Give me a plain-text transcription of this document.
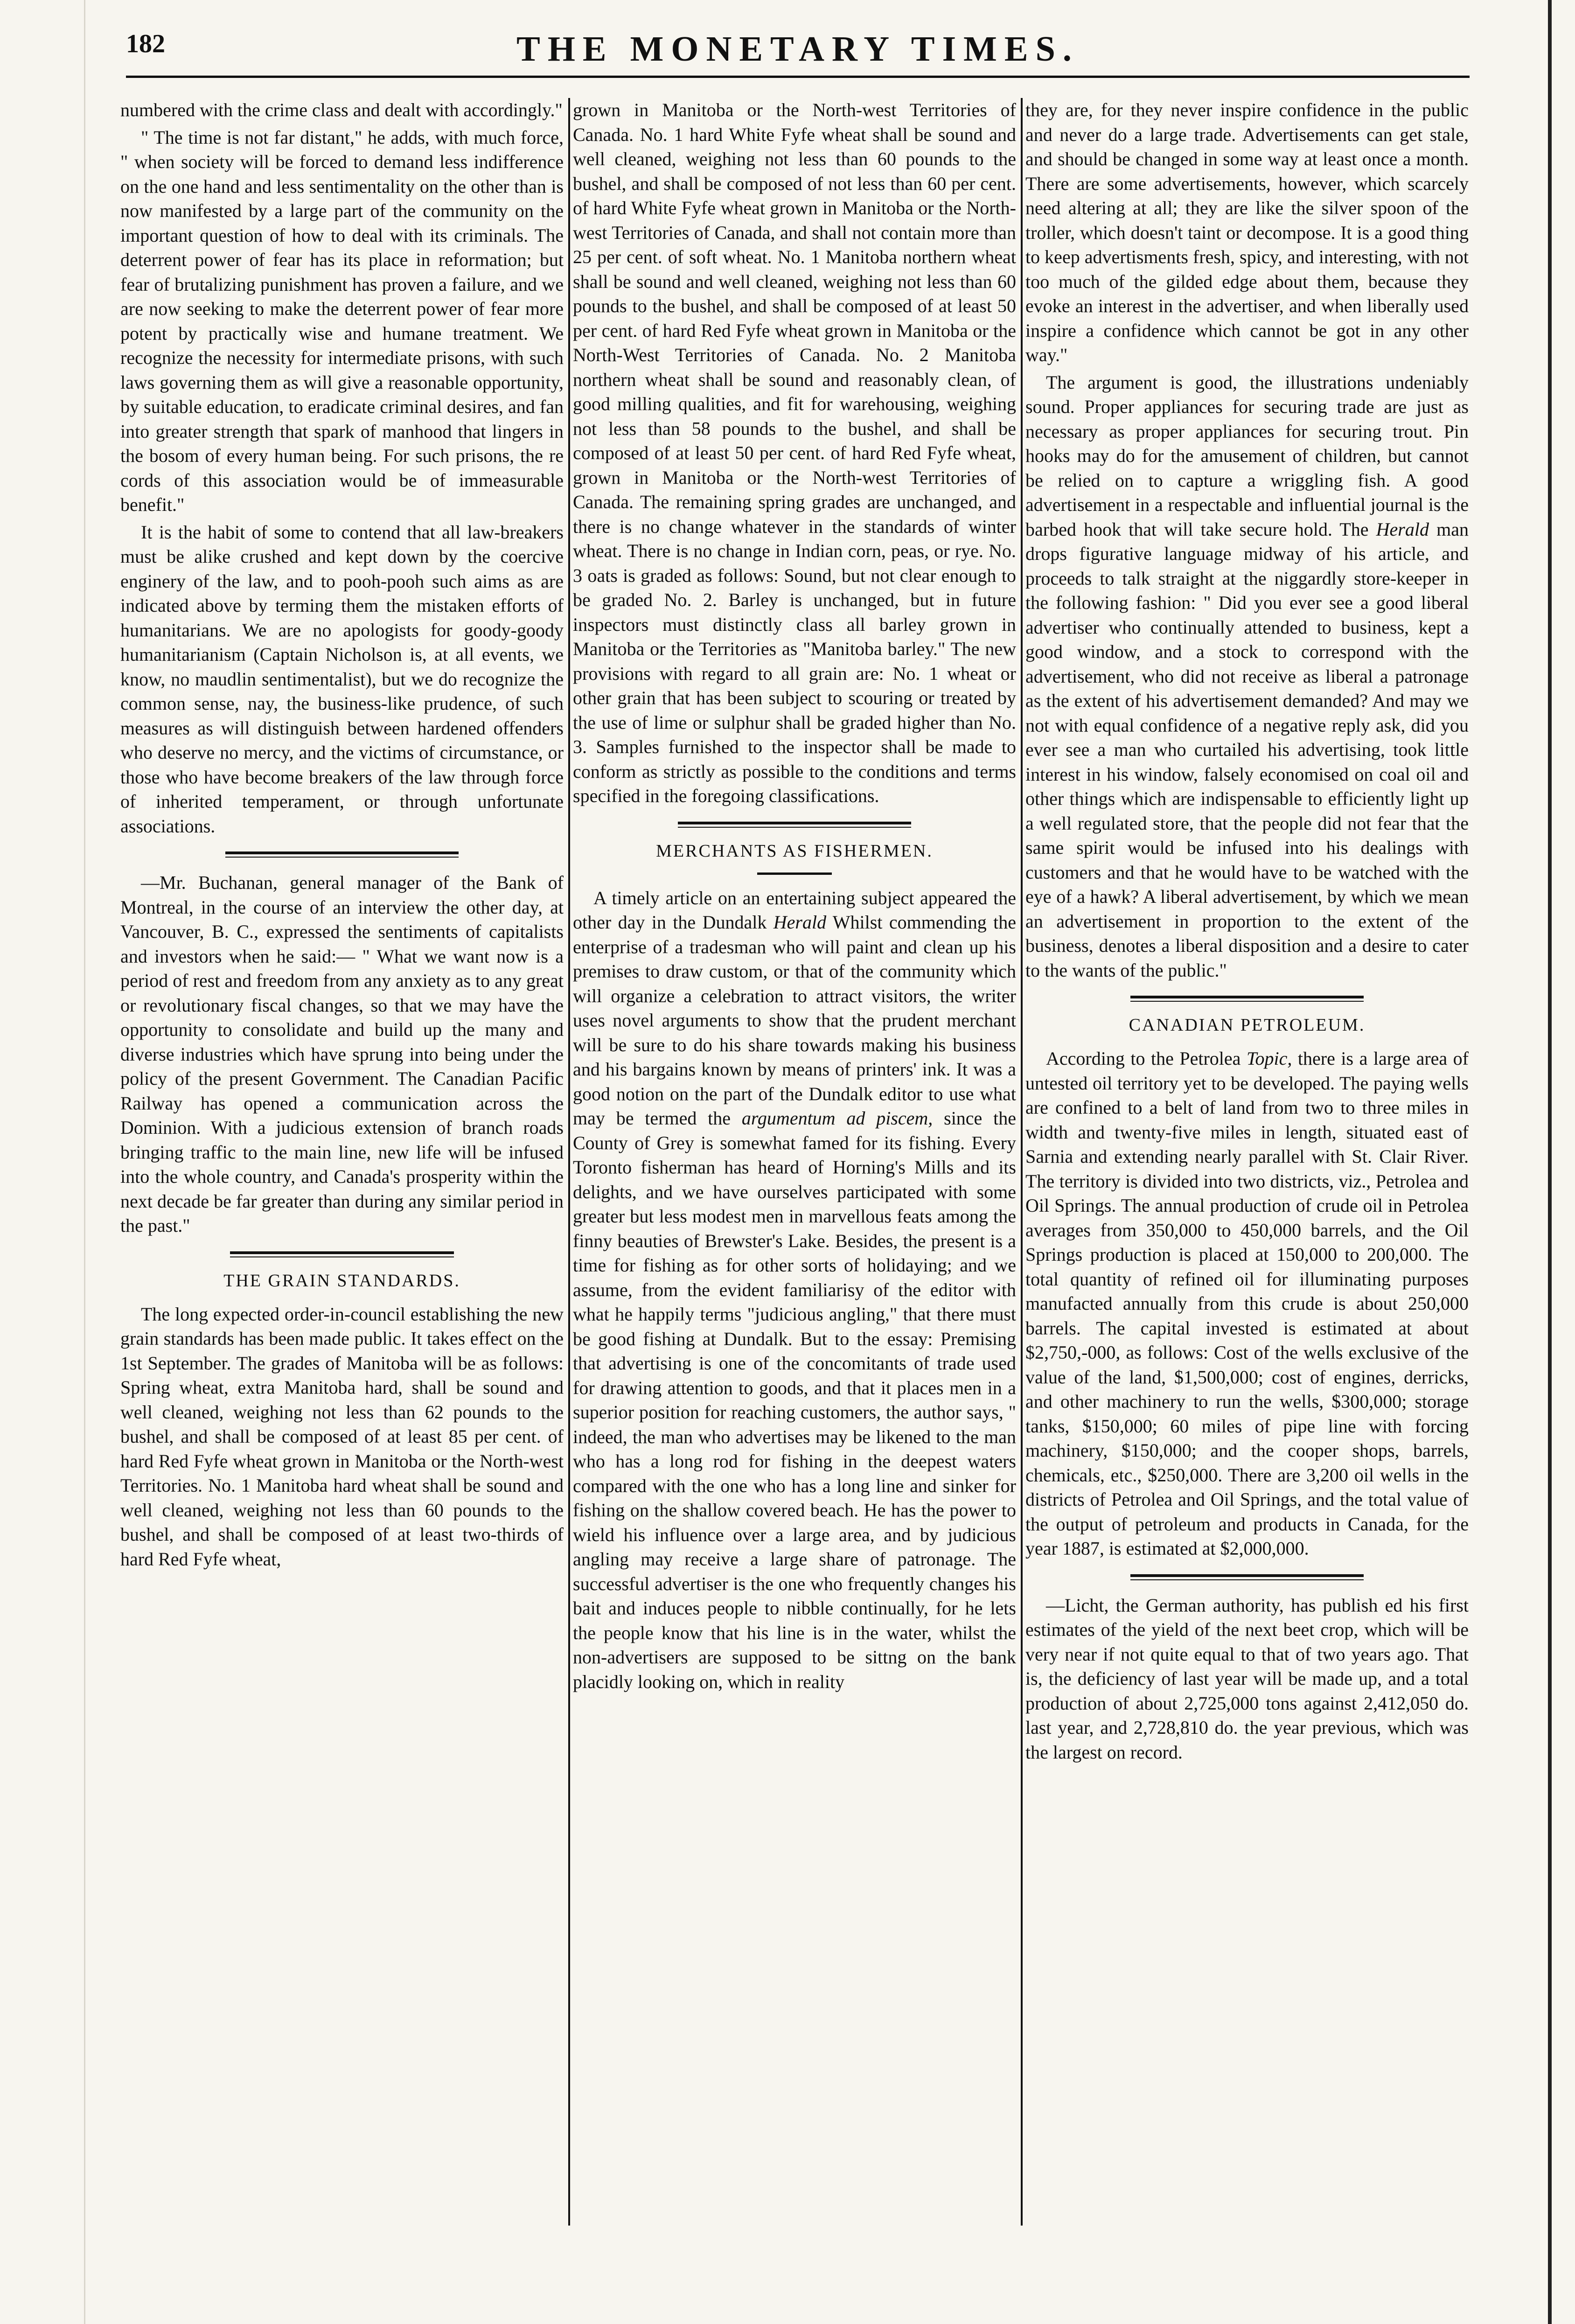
182	THE MONETARY TIMES.

numbered with the crime class and dealt with accordingly."

" The time is not far distant," he adds, with much force, " when society will be forced to demand less indifference on the one hand and less sentimentality on the other than is now manifested by a large part of the community on the important question of how to deal with its criminals. The deterrent power of fear has its place in reformation; but fear of brutalizing punishment has proven a failure, and we are now seeking to make the deterrent power of fear more potent by practically wise and humane treatment. We recognize the necessity for intermediate prisons, with such laws governing them as will give a reasonable opportunity, by suitable education, to eradicate criminal desires, and fan into greater strength that spark of manhood that lingers in the bosom of every human being. For such prisons, the re cords of this association would be of immeasurable benefit."

It is the habit of some to contend that all law-breakers must be alike crushed and kept down by the coercive enginery of the law, and to pooh-pooh such aims as are indicated above by terming them the mistaken efforts of humanitarians. We are no apologists for goody-goody humanitarianism (Captain Nicholson is, at all events, we know, no maudlin sentimentalist), but we do recognize the common sense, nay, the business-like prudence, of such measures as will distinguish between hardened offenders who deserve no mercy, and the victims of circumstance, or those who have become breakers of the law through force of inherited temperament, or through unfortunate associations.

—Mr. Buchanan, general manager of the Bank of Montreal, in the course of an interview the other day, at Vancouver, B. C., expressed the sentiments of capitalists and investors when he said:— " What we want now is a period of rest and freedom from any anxiety as to any great or revolutionary fiscal changes, so that we may have the opportunity to consolidate and build up the many and diverse industries which have sprung into being under the policy of the present Government. The Canadian Pacific Railway has opened a communication across the Dominion. With a judicious extension of branch roads bringing traffic to the main line, new life will be infused into the whole country, and Canada's prosperity within the next decade be far greater than during any similar period in the past."

THE GRAIN STANDARDS.

The long expected order-in-council establishing the new grain standards has been made public. It takes effect on the 1st September. The grades of Manitoba will be as follows: Spring wheat, extra Manitoba hard, shall be sound and well cleaned, weighing not less than 62 pounds to the bushel, and shall be composed of at least 85 per cent. of hard Red Fyfe wheat grown in Manitoba or the North-west Territories. No. 1 Manitoba hard wheat shall be sound and well cleaned, weighing not less than 60 pounds to the bushel, and shall be composed of at least two-thirds of hard Red Fyfe wheat,

grown in Manitoba or the North-west Territories of Canada. No. 1 hard White Fyfe wheat shall be sound and well cleaned, weighing not less than 60 pounds to the bushel, and shall be composed of not less than 60 per cent. of hard White Fyfe wheat grown in Manitoba or the North-west Territories of Canada, and shall not contain more than 25 per cent. of soft wheat. No. 1 Manitoba northern wheat shall be sound and well cleaned, weighing not less than 60 pounds to the bushel, and shall be composed of at least 50 per cent. of hard Red Fyfe wheat grown in Manitoba or the North-West Territories of Canada. No. 2 Manitoba northern wheat shall be sound and reasonably clean, of good milling qualities, and fit for warehousing, weighing not less than 58 pounds to the bushel, and shall be composed of at least 50 per cent. of hard Red Fyfe wheat, grown in Manitoba or the North-west Territories of Canada. The remaining spring grades are unchanged, and there is no change whatever in the standards of winter wheat. There is no change in Indian corn, peas, or rye. No. 3 oats is graded as follows: Sound, but not clear enough to be graded No. 2. Barley is unchanged, but in future inspectors must distinctly class all barley grown in Manitoba or the Territories as "Manitoba barley." The new provisions with regard to all grain are: No. 1 wheat or other grain that has been subject to scouring or treated by the use of lime or sulphur shall be graded higher than No. 3. Samples furnished to the inspector shall be made to conform as strictly as possible to the conditions and terms specified in the foregoing classifications.

MERCHANTS AS FISHERMEN.

A timely article on an entertaining subject appeared the other day in the Dundalk Herald Whilst commending the enterprise of a tradesman who will paint and clean up his premises to draw custom, or that of the community which will organize a celebration to attract visitors, the writer uses novel arguments to show that the prudent merchant will be sure to do his share towards making his business and his bargains known by means of printers' ink. It was a good notion on the part of the Dundalk editor to use what may be termed the argumentum ad piscem, since the County of Grey is somewhat famed for its fishing. Every Toronto fisherman has heard of Horning's Mills and its delights, and we have ourselves participated with some greater but less modest men in marvellous feats among the finny beauties of Brewster's Lake. Besides, the present is a time for fishing as for other sorts of holidaying; and we assume, from the evident familiarisy of the editor with what he happily terms "judicious angling," that there must be good fishing at Dundalk. But to the essay: Premising that advertising is one of the concomitants of trade used for drawing attention to goods, and that it places men in a superior position for reaching customers, the author says, " indeed, the man who advertises may be likened to the man who has a long rod for fishing in the deepest waters compared with the one who has a long line and sinker for fishing on the shallow covered beach. He has the power to wield his influence over a large area, and by judicious angling may receive a large share of patronage. The successful advertiser is the one who frequently changes his bait and induces people to nibble continually, for he lets the people know that his line is in the water, whilst the non-advertisers are supposed to be sittng on the bank placidly looking on, which in reality

they are, for they never inspire confidence in the public and never do a large trade. Advertisements can get stale, and should be changed in some way at least once a month. There are some advertisements, however, which scarcely need altering at all; they are like the silver spoon of the troller, which doesn't taint or decompose. It is a good thing to keep advertisments fresh, spicy, and interesting, with not too much of the gilded edge about them, because they evoke an interest in the advertiser, and when liberally used inspire a confidence which cannot be got in any other way."

The argument is good, the illustrations undeniably sound. Proper appliances for securing trade are just as necessary as proper appliances for securing trout. Pin hooks may do for the amusement of children, but cannot be relied on to capture a wriggling fish. A good advertisement in a respectable and influential journal is the barbed hook that will take secure hold. The Herald man drops figurative language midway of his article, and proceeds to talk straight at the niggardly store-keeper in the following fashion: " Did you ever see a good liberal advertiser who continually attended to business, kept a good window, and a stock to correspond with the advertisement, who did not receive as liberal a patronage as the extent of his advertisement demanded? And may we not with equal confidence of a negative reply ask, did you ever see a man who curtailed his advertising, took little interest in his window, falsely economised on coal oil and other things which are indispensable to efficiently light up a well regulated store, that the people did not fear that the same spirit would be infused into his dealings with customers and that he would have to be watched with the eye of a hawk? A liberal advertisement, by which we mean an advertisement in proportion to the extent of the business, denotes a liberal disposition and a desire to cater to the wants of the public."

CANADIAN PETROLEUM.

According to the Petrolea Topic, there is a large area of untested oil territory yet to be developed. The paying wells are confined to a belt of land from two to three miles in width and twenty-five miles in length, situated east of Sarnia and extending nearly parallel with St. Clair River. The territory is divided into two districts, viz., Petrolea and Oil Springs. The annual production of crude oil in Petrolea averages from 350,000 to 450,000 barrels, and the Oil Springs production is placed at 150,000 to 200,000. The total quantity of refined oil for illuminating purposes manufacted annually from this crude is about 250,000 barrels. The capital invested is estimated at about $2,750,-000, as follows: Cost of the wells exclusive of the value of the land, $1,500,000; cost of engines, derricks, and other machinery to run the wells, $300,000; storage tanks, $150,000; 60 miles of pipe line with forcing machinery, $150,000; and the cooper shops, barrels, chemicals, etc., $250,000. There are 3,200 oil wells in the districts of Petrolea and Oil Springs, and the total value of the output of petroleum and products in Canada, for the year 1887, is estimated at $2,000,000.

—Licht, the German authority, has publish ed his first estimates of the yield of the next beet crop, which will be very near if not quite equal to that of two years ago. That is, the deficiency of last year will be made up, and a total production of about 2,725,000 tons against 2,412,050 do. last year, and 2,728,810 do. the year previous, which was the largest on record.
